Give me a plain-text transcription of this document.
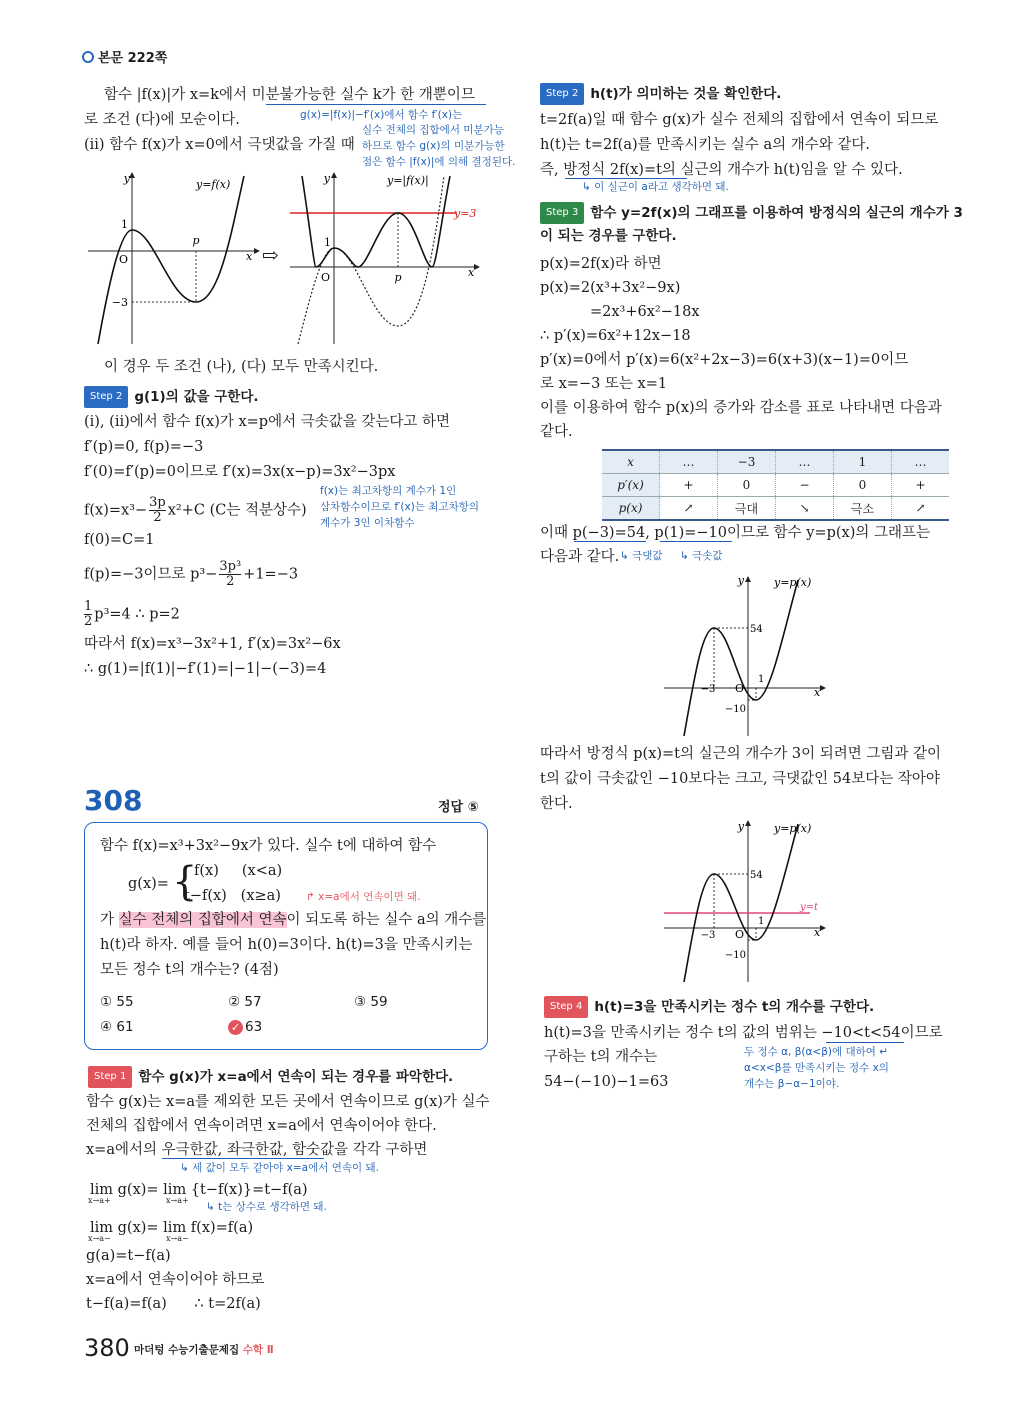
본문 222쪽
함수 |f(x)|가 x=k에서 미분불가능한 실수 k가 한 개뿐이므
로 조건 (다)에 모순이다.
(ii) 함수 f(x)가 x=0에서 극댓값을 가질 때
g(x)=|f(x)|−f′(x)에서 함수 f′(x)는
실수 전체의 집합에서 미분가능
하므로 함수 g(x)의 미분가능한
점은 함수 |f(x)|에 의해 결정된다.
y	y=f(x)
1
O
p
−3
x ⇨
y	y=|f(x)|
y=3
1
O	p	x
이 경우 두 조건 (나), (다) 모두 만족시킨다.
Step 2 g(1)의 값을 구한다.
(i), (ii)에서 함수 f(x)가 x=p에서 극솟값을 갖는다고 하면
f′(p)=0, f(p)=−3
f′(0)=f′(p)=0이므로 f′(x)=3x(x−p)=3x²−3px
f(x)는 최고차항의 계수가 1인
삼차함수이므로 f′(x)는 최고차항의
계수가 3인 이차함수
$f(x)=x^3- \frac{3p}{2} x^2+C$ (C는 적분상수)
f(0)=C=1
f(p)=−3이므로 $p^3- \frac{\text{3p³}}{2} +1=-3$
$\frac{1}{2} p^3=4$ ∴ p=2
따라서 f(x)=x³−3x²+1, f′(x)=3x²−6x
∴ g(1)=|f(1)|−f′(1)=|−1|−(−3)=4
308	정답 ⑤
함수 f(x)=x³+3x²−9x가 있다. 실수 t에 대하여 함수
g(x)= {
f(x)     (x<a)
t−f(x)   (x≥a) ↱ x=a에서 연속이면 돼.
가 실수 전체의 집합에서 연속이 되도록 하는 실수 a의 개수를
h(t)라 하자. 예를 들어 h(0)=3이다. h(t)=3을 만족시키는
모든 정수 t의 개수는? (4점)
① 55	② 57	③ 59
④ 61	✓ 63
Step 1 함수 g(x)가 x=a에서 연속이 되는 경우를 파악한다.
함수 g(x)는 x=a를 제외한 모든 곳에서 연속이므로 g(x)가 실수
전체의 집합에서 연속이려면 x=a에서 연속이어야 한다.
x=a에서의 우극한값, 좌극한값, 함숫값을 각각 구하면
↳ 세 값이 모두 같아야 x=a에서 연속이 돼.
lim g(x)= lim {t−f(x)}=t−f(a)
x→a+	x→a+
↳ t는 상수로 생각하면 돼.
lim g(x)= lim f(x)=f(a)
x→a−	x→a−
g(a)=t−f(a)
x=a에서 연속이어야 하므로
t−f(a)=f(a)      ∴ t=2f(a)
380 마더텅 수능기출문제집 수학 Ⅱ
Step 2 h(t)가 의미하는 것을 확인한다.
t=2f(a)일 때 함수 g(x)가 실수 전체의 집합에서 연속이 되므로
h(t)는 t=2f(a)를 만족시키는 실수 a의 개수와 같다.
즉, 방정식 2f(x)=t의 실근의 개수가 h(t)임을 알 수 있다.
↳ 이 실근이 a라고 생각하면 돼.
Step 3 함수 y=2f(x)의 그래프를 이용하여 방정식의 실근의 개수가 3
이 되는 경우를 구한다.
p(x)=2f(x)라 하면
p(x)=2(x³+3x²−9x)
=2x³+6x²−18x
∴ p′(x)=6x²+12x−18
p′(x)=0에서 p′(x)=6(x²+2x−3)=6(x+3)(x−1)=0이므
로 x=−3 또는 x=1
이를 이용하여 함수 p(x)의 증가와 감소를 표로 나타내면 다음과
같다.
x	…	−3	…	1	…
p′(x)	+	0	−	0	+
p(x)	↗	극대	↘	극소	↗
이때 p(−3)=54, p(1)=−10이므로 함수 y=p(x)의 그래프는
다음과 같다. ↳ 극댓값 ↳ 극솟값
y	y=p(x)
54
1
O
−3
−10
x
따라서 방정식 p(x)=t의 실근의 개수가 3이 되려면 그림과 같이
t의 값이 극솟값인 −10보다는 크고, 극댓값인 54보다는 작아야
한다.
y	y=p(x)
54
y=t
1
O
−3
−10
x
Step 4 h(t)=3을 만족시키는 정수 t의 개수를 구한다.
h(t)=3을 만족시키는 정수 t의 값의 범위는 −10<t<54이므로
구하는 t의 개수는
54−(−10)−1=63
두 정수 α, β(α<β)에 대하여 ↵
α<x<β를 만족시키는 정수 x의
개수는 β−α−1이야.
